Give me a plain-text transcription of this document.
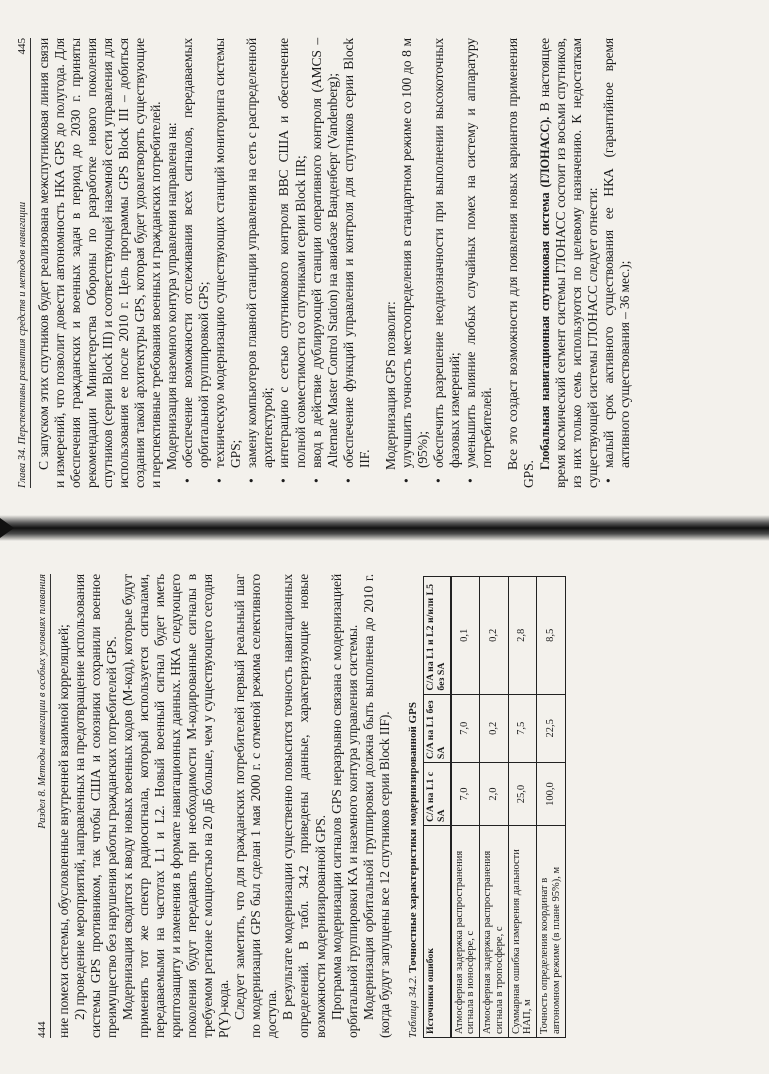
Глава 34. Перспективы развития средств и методов навигации
445 С запуском этих спутников будет реализована межспутниковая линия связи и измерений, что позволит довести автономность НКА GPS до полугода. Для обеспечения гражданских и военных задач в период до 2030 г. приняты рекомендации Министерства Обороны по разработке нового поколения спутников (серии Block III) и соответствующей наземной сети управления для использования ее после 2010 г. Цель программы GPS Block III – добиться создания такой архитектуры GPS, которая будет удовлетворять существующие и перспективные требования военных и гражданских потребителей. Модернизация наземного контура управления направлена на: • обеспечение возможности отслеживания всех сигналов, передаваемых орбитальной группировкой GPS; • техническую модернизацию существующих станций мониторинга системы GPS; • замену компьютеров главной станции управления на сеть с распределенной архитектурой; • интеграцию с сетью спутникового контроля ВВС США и обеспечение полной совместимости со спутниками серии Block IIR; • ввод в действие дублирующей станции оперативного контроля (AMCS – Alternate Master Control Station) на авиабазе Ванденберг (Vandenberg); • обеспечение функций управления и контроля для спутников серии Block IIF. Модернизация GPS позволит: • улучшить точность местоопределения в стандартном режиме со 100 до 8 м (95%); • обеспечить разрешение неоднозначности при выполнении высокоточных фазовых измерений; • уменьшить влияние любых случайных помех на систему и аппаратуру потребителей. Все это создаст возможности для появления новых вариантов применения GPS.

Глобальная навигационная спутниковая система (ГЛОНАСС). В настоящее время космический сегмент системы ГЛОНАСС состоит из восьми спутников, из них только семь используются по целевому назначению. К недостаткам существующей системы ГЛОНАСС следует отнести: • малый срок активного существования ее НКА (гарантийное время активного существования – 36 мес.);
Раздел 8. Методы навигации в особых условиях плавания
444 ние помехи системы, обусловленные внутренней взаимной корреляцией; 2) проведение мероприятий, направленных на предотвращение использования системы GPS противником, так чтобы США и союзники сохранили военное преимущество без нарушения работы гражданских потребителей GPS. Модернизация сводится к вводу новых военных кодов (М-код), которые будут применять тот же спектр радиосигнала, который используется сигналами, передаваемыми на частотах L1 и L2. Новый военный сигнал будет иметь криптозащиту и изменения в формате навигационных данных. НКА следующего поколения будут передавать при необходимости М-кодированные сигналы в требуемом регионе с мощностью на 20 дБ больше, чем у существующего сегодня P(Y)-кода. Следует заметить, что для гражданских потребителей первый реальный шаг по модернизации GPS был сделан 1 мая 2000 г. с отменой режима селективного доступа. В результате модернизации существенно повысится точность навигационных определений. В табл. 34.2 приведены данные, характеризующие новые возможности модернизированной GPS. Программа модернизации сигналов GPS неразрывно связана с модернизацией орбитальной группировки КА и наземного контура управления системы. Модернизация орбитальной группировки должна быть выполнена до 2010 г. (когда будут запущены все 12 спутников серии Block IIF). Таблица 34.2. Точностные характеристики модернизированной GPS
Источники ошибок	C/A на L1 с SA	C/A на L1 без SA	C/A на L1 и L2 и/или L5 без SA
Атмосферная задержка распространения сигнала в ионосфере, с	7,0	7,0	0,1
Атмосферная задержка распространения сигнала в тропосфере, с	2,0	0,2	0,2
Суммарная ошибка измерения дальности НАП, м	25,0	7,5	2,8
Точность определения координат в автономном режиме (в плане 95%), м	100,0	22,5	8,5
